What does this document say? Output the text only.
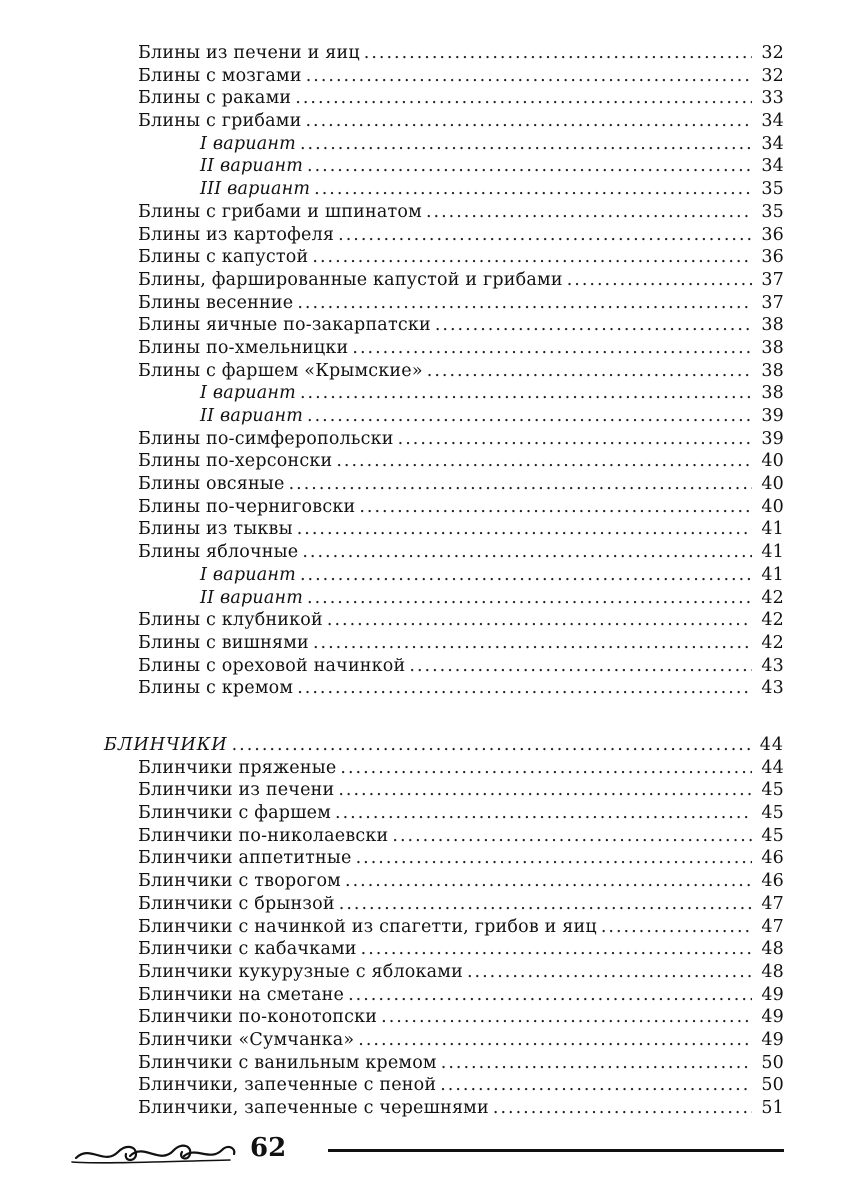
Блины из печени и яиц .....	32
Блины с мозгами .....	32
Блины с раками .....	33
Блины с грибами .....	34
I вариант .....	34
II вариант .....	34
III вариант .....	35
Блины с грибами и шпинатом .....	35
Блины из картофеля .....	36
Блины с капустой .....	36
Блины, фаршированные капустой и грибами .....	37
Блины весенние .....	37
Блины яичные по-закарпатски .....	38
Блины по-хмельницки .....	38
Блины с фаршем «Крымские» .....	38
I вариант .....	38
II вариант .....	39
Блины по-симферопольски .....	39
Блины по-херсонски .....	40
Блины овсяные .....	40
Блины по-черниговски .....	40
Блины из тыквы .....	41
Блины яблочные .....	41
I вариант .....	41
II вариант .....	42
Блины с клубникой .....	42
Блины с вишнями .....	42
Блины с ореховой начинкой .....	43
Блины с кремом .....	43
БЛИНЧИКИ .....	44
Блинчики пряженые .....	44
Блинчики из печени .....	45
Блинчики с фаршем .....	45
Блинчики по-николаевски .....	45
Блинчики аппетитные .....	46
Блинчики с творогом .....	46
Блинчики с брынзой .....	47
Блинчики с начинкой из спагетти, грибов и яиц .....	47
Блинчики с кабачками .....	48
Блинчики кукурузные с яблоками .....	48
Блинчики на сметане .....	49
Блинчики по-конотопски .....	49
Блинчики «Сумчанка» .....	49
Блинчики с ванильным кремом .....	50
Блинчики, запеченные с пеной .....	50
Блинчики, запеченные с черешнями .....	51
62
